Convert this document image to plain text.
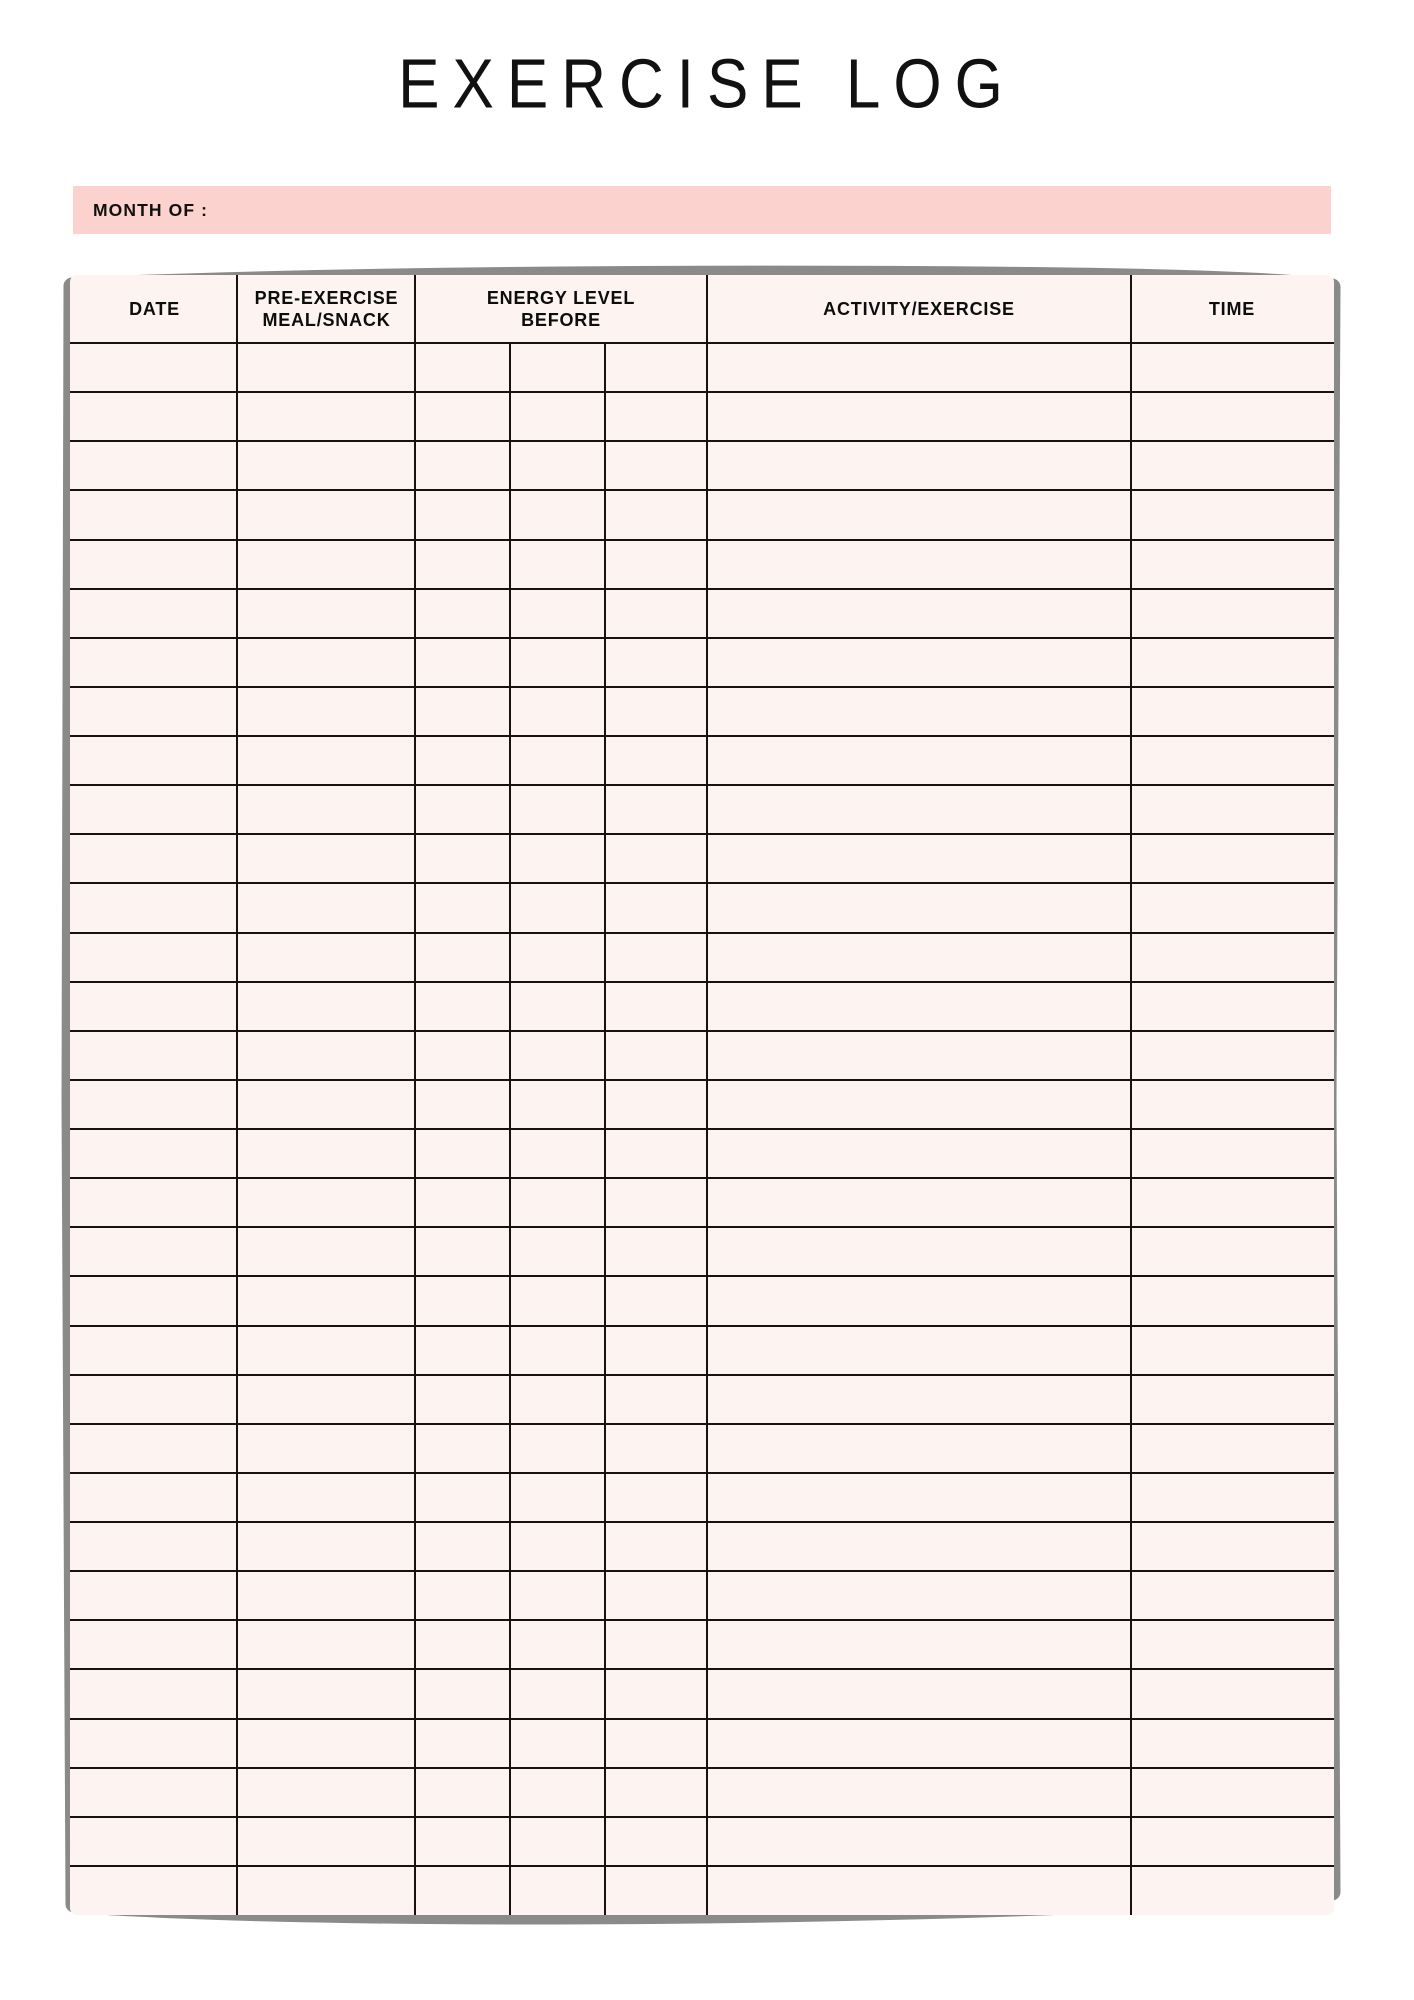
EXERCISE LOG
MONTH OF :
DATE
PRE-EXERCISE
MEAL/SNACK
ENERGY LEVEL
BEFORE
ACTIVITY/EXERCISE	TIME
